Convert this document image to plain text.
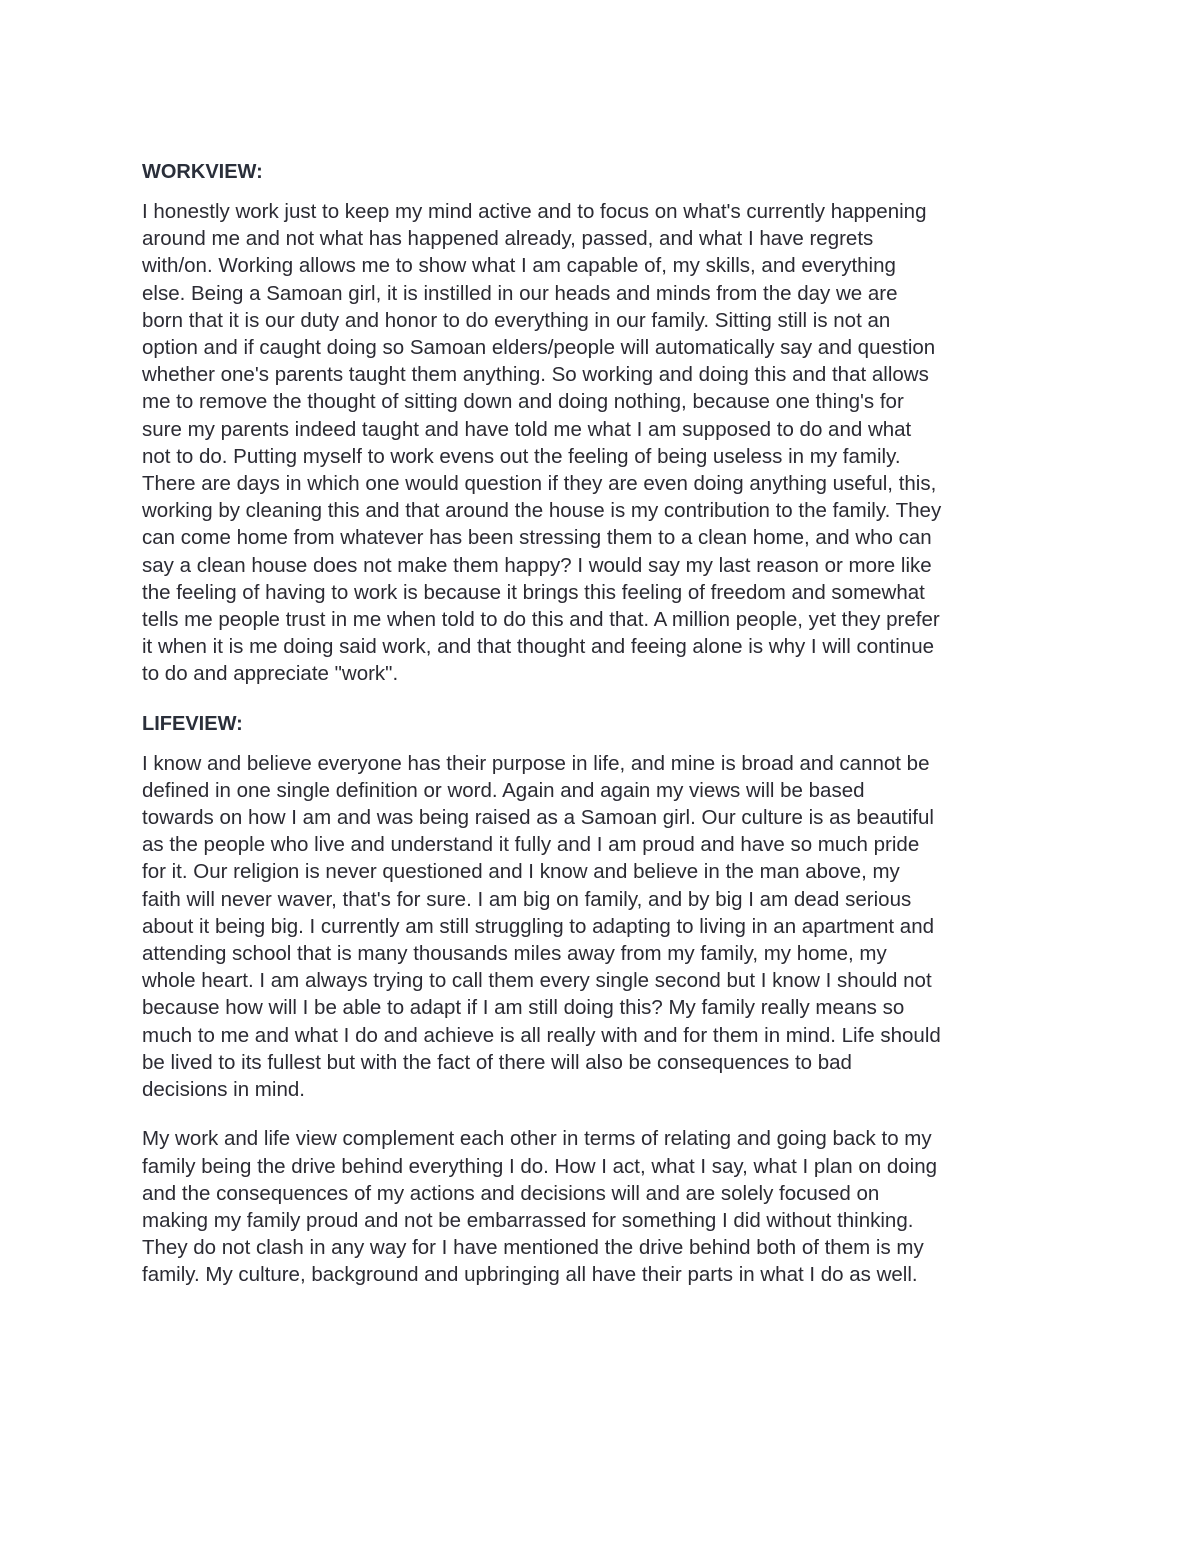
WORKVIEW:
I honestly work just to keep my mind active and to focus on what's currently happening
around me and not what has happened already, passed, and what I have regrets
with/on. Working allows me to show what I am capable of, my skills, and everything
else. Being a Samoan girl, it is instilled in our heads and minds from the day we are
born that it is our duty and honor to do everything in our family. Sitting still is not an
option and if caught doing so Samoan elders/people will automatically say and question
whether one's parents taught them anything. So working and doing this and that allows
me to remove the thought of sitting down and doing nothing, because one thing's for
sure my parents indeed taught and have told me what I am supposed to do and what
not to do. Putting myself to work evens out the feeling of being useless in my family.
There are days in which one would question if they are even doing anything useful, this,
working by cleaning this and that around the house is my contribution to the family. They
can come home from whatever has been stressing them to a clean home, and who can
say a clean house does not make them happy? I would say my last reason or more like
the feeling of having to work is because it brings this feeling of freedom and somewhat
tells me people trust in me when told to do this and that. A million people, yet they prefer
it when it is me doing said work, and that thought and feeing alone is why I will continue
to do and appreciate "work".
LIFEVIEW:
I know and believe everyone has their purpose in life, and mine is broad and cannot be
defined in one single definition or word. Again and again my views will be based
towards on how I am and was being raised as a Samoan girl. Our culture is as beautiful
as the people who live and understand it fully and I am proud and have so much pride
for it. Our religion is never questioned and I know and believe in the man above, my
faith will never waver, that's for sure. I am big on family, and by big I am dead serious
about it being big. I currently am still struggling to adapting to living in an apartment and
attending school that is many thousands miles away from my family, my home, my
whole heart. I am always trying to call them every single second but I know I should not
because how will I be able to adapt if I am still doing this? My family really means so
much to me and what I do and achieve is all really with and for them in mind. Life should
be lived to its fullest but with the fact of there will also be consequences to bad
decisions in mind.
My work and life view complement each other in terms of relating and going back to my
family being the drive behind everything I do. How I act, what I say, what I plan on doing
and the consequences of my actions and decisions will and are solely focused on
making my family proud and not be embarrassed for something I did without thinking.
They do not clash in any way for I have mentioned the drive behind both of them is my
family. My culture, background and upbringing all have their parts in what I do as well.
